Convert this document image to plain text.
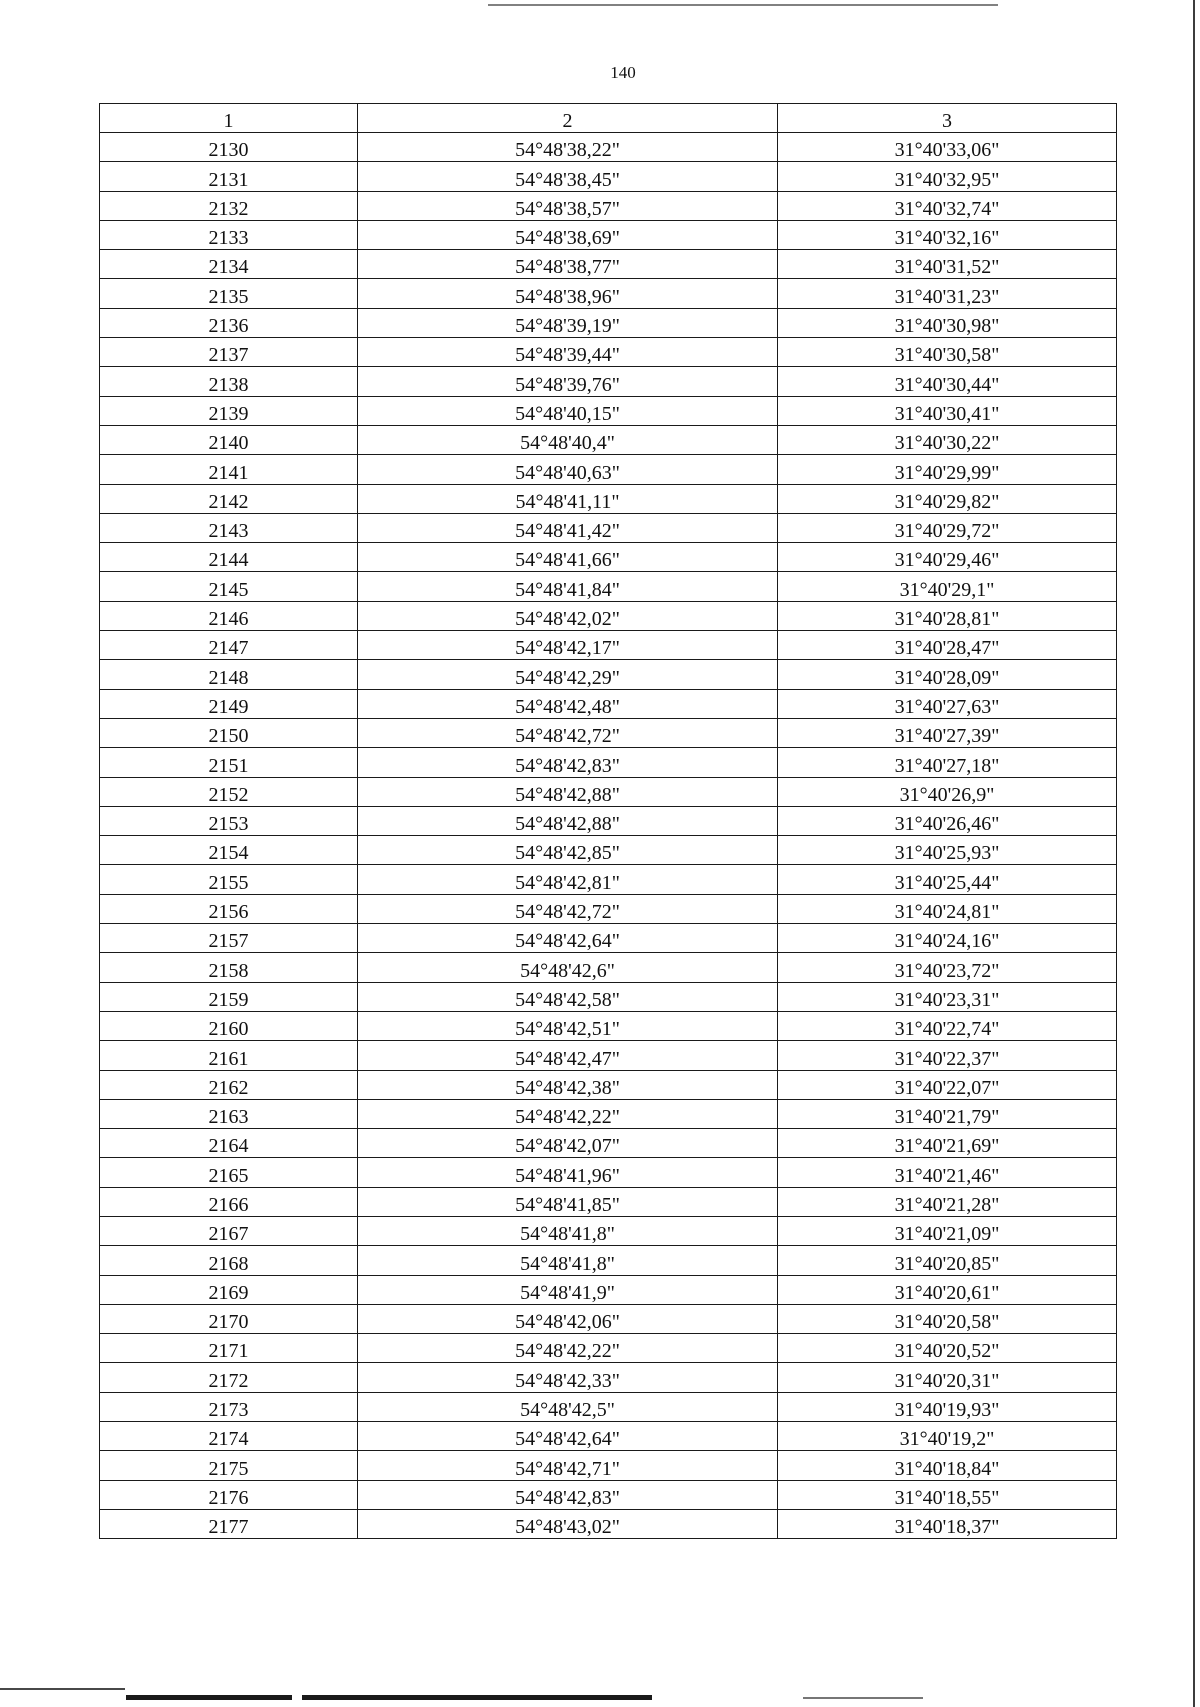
140
1	2	3
2130	54°48'38,22"	31°40'33,06"
2131	54°48'38,45"	31°40'32,95"
2132	54°48'38,57"	31°40'32,74"
2133	54°48'38,69"	31°40'32,16"
2134	54°48'38,77"	31°40'31,52"
2135	54°48'38,96"	31°40'31,23"
2136	54°48'39,19"	31°40'30,98"
2137	54°48'39,44"	31°40'30,58"
2138	54°48'39,76"	31°40'30,44"
2139	54°48'40,15"	31°40'30,41"
2140	54°48'40,4"	31°40'30,22"
2141	54°48'40,63"	31°40'29,99"
2142	54°48'41,11"	31°40'29,82"
2143	54°48'41,42"	31°40'29,72"
2144	54°48'41,66"	31°40'29,46"
2145	54°48'41,84"	31°40'29,1"
2146	54°48'42,02"	31°40'28,81"
2147	54°48'42,17"	31°40'28,47"
2148	54°48'42,29"	31°40'28,09"
2149	54°48'42,48"	31°40'27,63"
2150	54°48'42,72"	31°40'27,39"
2151	54°48'42,83"	31°40'27,18"
2152	54°48'42,88"	31°40'26,9"
2153	54°48'42,88"	31°40'26,46"
2154	54°48'42,85"	31°40'25,93"
2155	54°48'42,81"	31°40'25,44"
2156	54°48'42,72"	31°40'24,81"
2157	54°48'42,64"	31°40'24,16"
2158	54°48'42,6"	31°40'23,72"
2159	54°48'42,58"	31°40'23,31"
2160	54°48'42,51"	31°40'22,74"
2161	54°48'42,47"	31°40'22,37"
2162	54°48'42,38"	31°40'22,07"
2163	54°48'42,22"	31°40'21,79"
2164	54°48'42,07"	31°40'21,69"
2165	54°48'41,96"	31°40'21,46"
2166	54°48'41,85"	31°40'21,28"
2167	54°48'41,8"	31°40'21,09"
2168	54°48'41,8"	31°40'20,85"
2169	54°48'41,9"	31°40'20,61"
2170	54°48'42,06"	31°40'20,58"
2171	54°48'42,22"	31°40'20,52"
2172	54°48'42,33"	31°40'20,31"
2173	54°48'42,5"	31°40'19,93"
2174	54°48'42,64"	31°40'19,2"
2175	54°48'42,71"	31°40'18,84"
2176	54°48'42,83"	31°40'18,55"
2177	54°48'43,02"	31°40'18,37"
